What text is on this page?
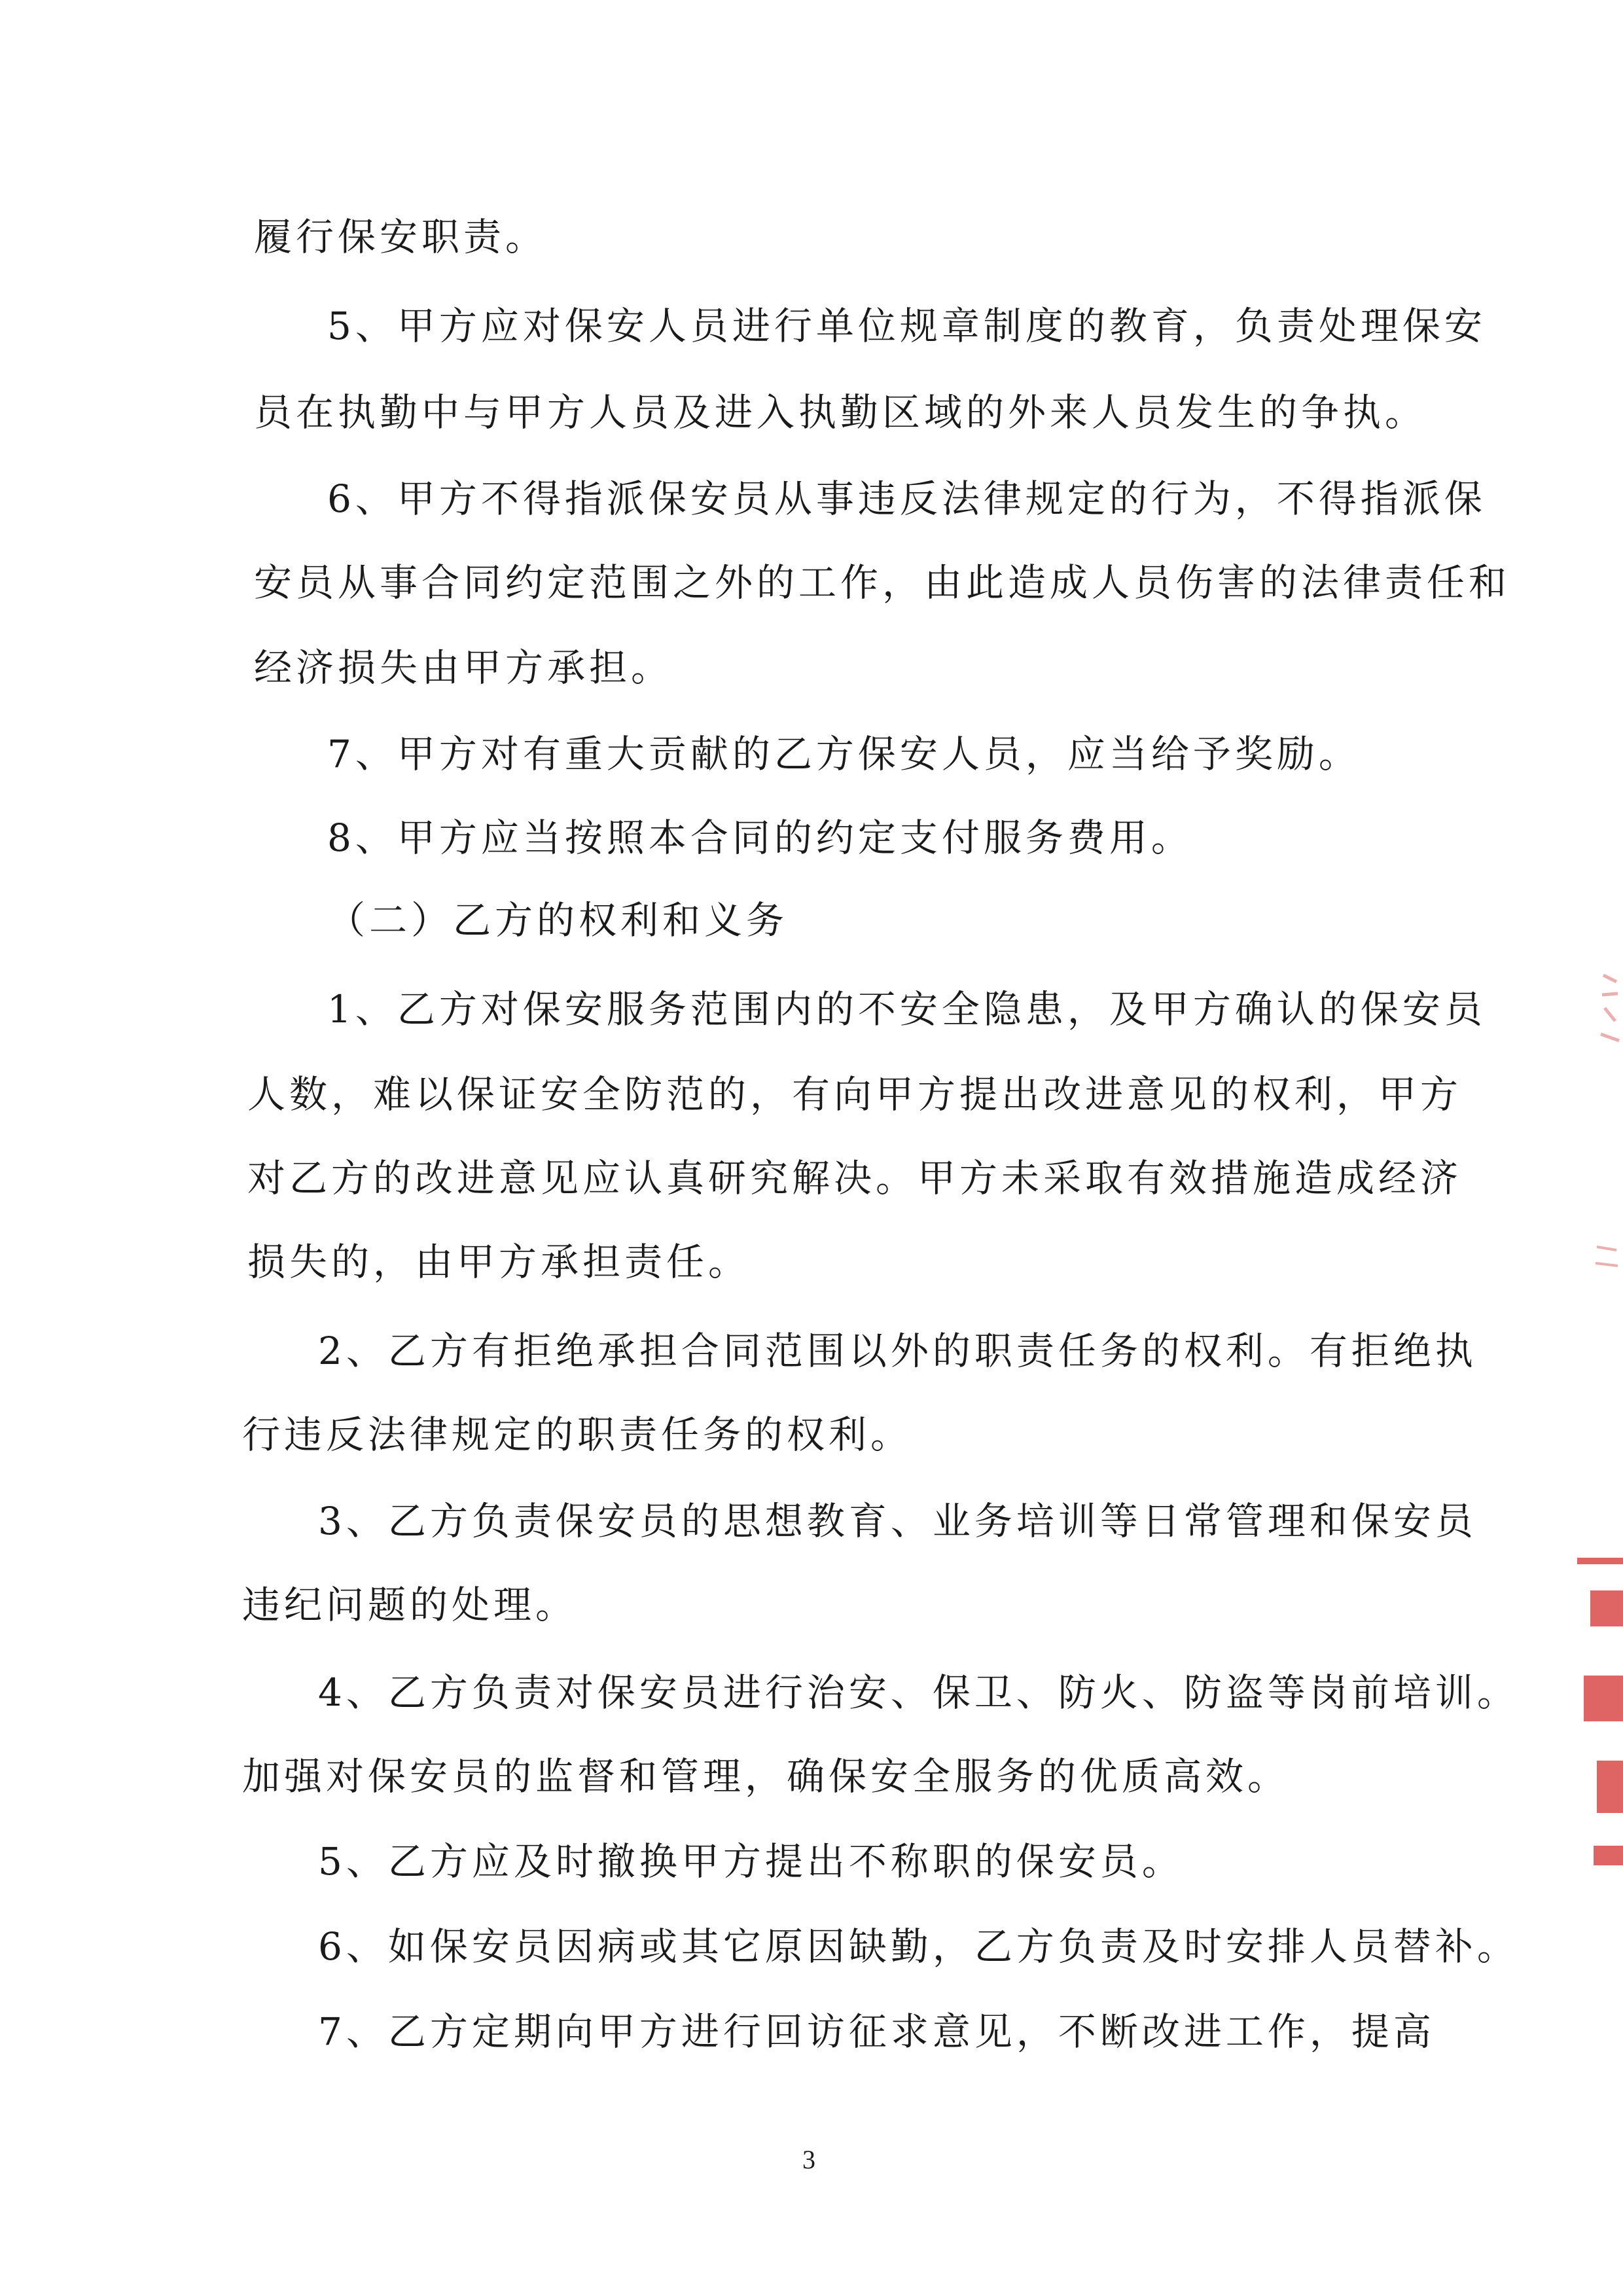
履行保安职责。
5、甲方应对保安人员进行单位规章制度的教育，负责处理保安
员在执勤中与甲方人员及进入执勤区域的外来人员发生的争执。
6、甲方不得指派保安员从事违反法律规定的行为，不得指派保
安员从事合同约定范围之外的工作，由此造成人员伤害的法律责任和
经济损失由甲方承担。
7、甲方对有重大贡献的乙方保安人员，应当给予奖励。
8、甲方应当按照本合同的约定支付服务费用。
（二）乙方的权利和义务
1、乙方对保安服务范围内的不安全隐患，及甲方确认的保安员
人数，难以保证安全防范的，有向甲方提出改进意见的权利，甲方
对乙方的改进意见应认真研究解决。甲方未采取有效措施造成经济
损失的，由甲方承担责任。
2、乙方有拒绝承担合同范围以外的职责任务的权利。有拒绝执
行违反法律规定的职责任务的权利。
3、乙方负责保安员的思想教育、业务培训等日常管理和保安员
违纪问题的处理。
4、乙方负责对保安员进行治安、保卫、防火、防盗等岗前培训。
加强对保安员的监督和管理，确保安全服务的优质高效。
5、乙方应及时撤换甲方提出不称职的保安员。
6、如保安员因病或其它原因缺勤，乙方负责及时安排人员替补。
7、乙方定期向甲方进行回访征求意见，不断改进工作，提高
3
